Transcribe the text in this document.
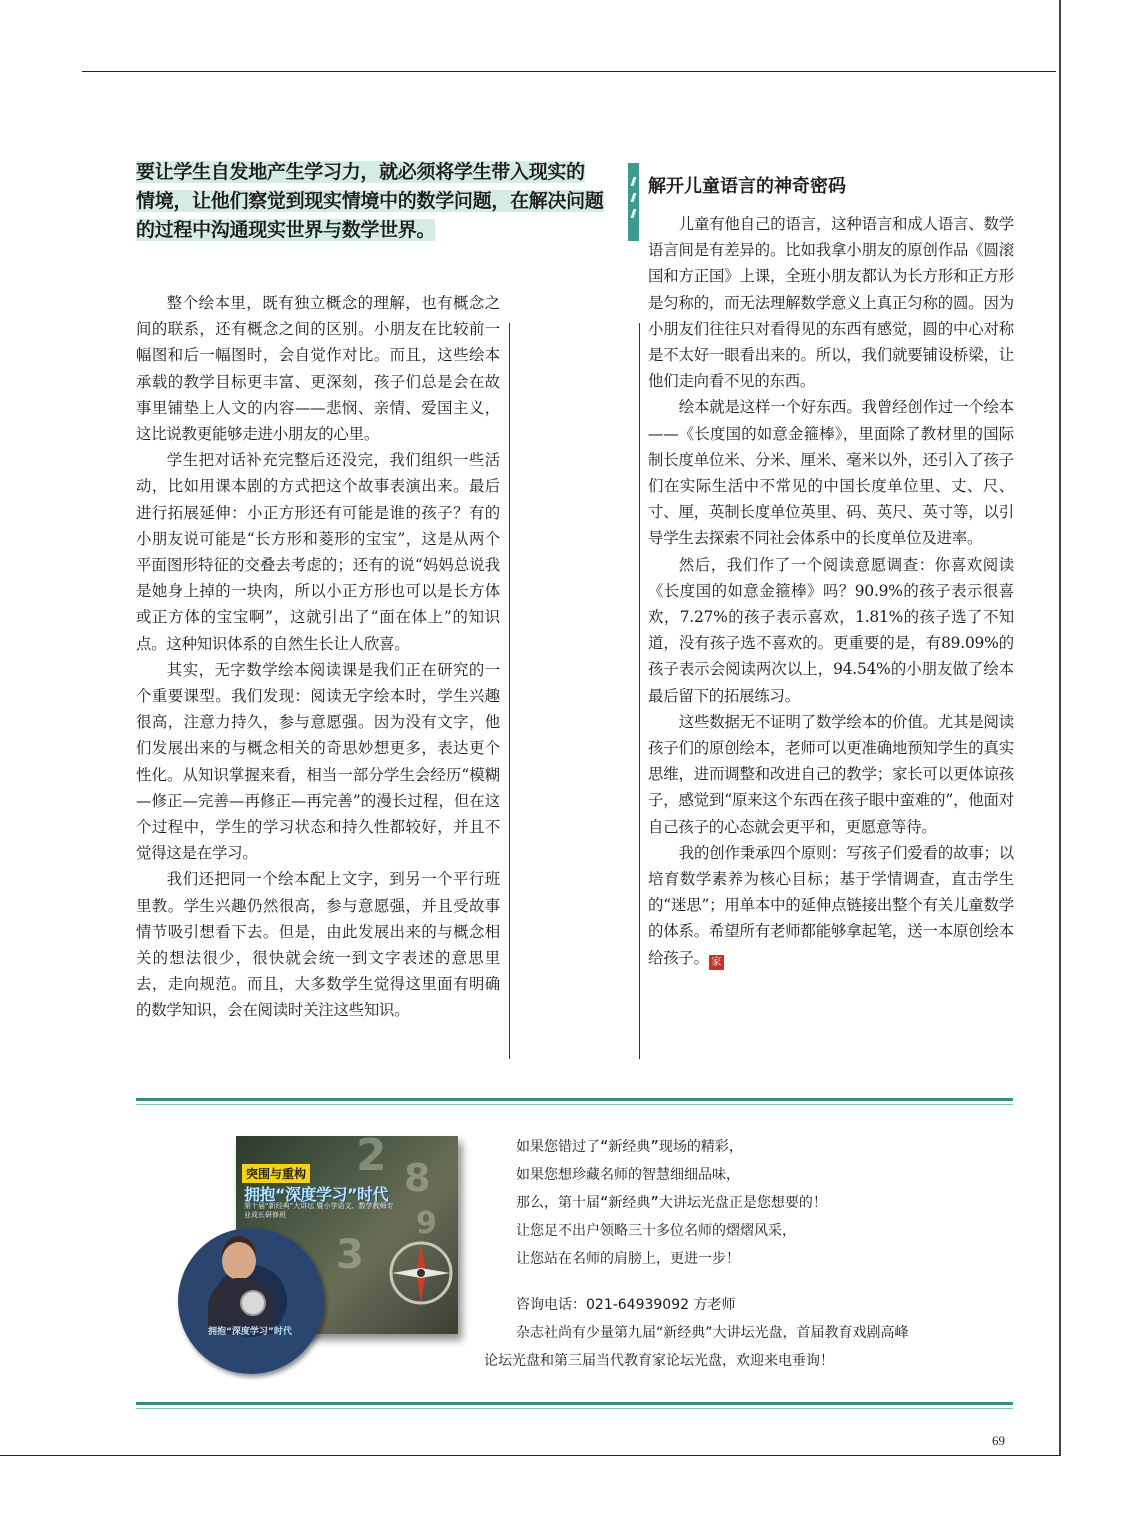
要让学生自发地产生学习力，就必须将学生带入现实的
情境，让他们察觉到现实情境中的数学问题，在解决问题
的过程中沟通现实世界与数学世界。
解开儿童语言的神奇密码

整个绘本里，既有独立概念的理解，也有概念之间的联系，还有概念之间的区别。小朋友在比较前一幅图和后一幅图时，会自觉作对比。而且，这些绘本承载的教学目标更丰富、更深刻，孩子们总是会在故事里铺垫上人文的内容——悲悯、亲情、爱国主义，这比说教更能够走进小朋友的心里。

学生把对话补充完整后还没完，我们组织一些活动，比如用课本剧的方式把这个故事表演出来。最后进行拓展延伸：小正方形还有可能是谁的孩子？有的小朋友说可能是“长方形和菱形的宝宝”，这是从两个平面图形特征的交叠去考虑的；还有的说“妈妈总说我是她身上掉的一块肉，所以小正方形也可以是长方体或正方体的宝宝啊”，这就引出了“面在体上”的知识点。这种知识体系的自然生长让人欣喜。

其实，无字数学绘本阅读课是我们正在研究的一个重要课型。我们发现：阅读无字绘本时，学生兴趣很高，注意力持久，参与意愿强。因为没有文字，他们发展出来的与概念相关的奇思妙想更多，表达更个性化。从知识掌握来看，相当一部分学生会经历“模糊—修正—完善—再修正—再完善”的漫长过程，但在这个过程中，学生的学习状态和持久性都较好，并且不觉得这是在学习。

我们还把同一个绘本配上文字，到另一个平行班里教。学生兴趣仍然很高，参与意愿强，并且受故事情节吸引想看下去。但是，由此发展出来的与概念相关的想法很少，很快就会统一到文字表述的意思里去，走向规范。而且，大多数学生觉得这里面有明确的数学知识，会在阅读时关注这些知识。

儿童有他自己的语言，这种语言和成人语言、数学语言间是有差异的。比如我拿小朋友的原创作品《圆滚国和方正国》上课，全班小朋友都认为长方形和正方形是匀称的，而无法理解数学意义上真正匀称的圆。因为小朋友们往往只对看得见的东西有感觉，圆的中心对称是不太好一眼看出来的。所以，我们就要铺设桥梁，让他们走向看不见的东西。

绘本就是这样一个好东西。我曾经创作过一个绘本——《长度国的如意金箍棒》，里面除了教材里的国际制长度单位米、分米、厘米、毫米以外，还引入了孩子们在实际生活中不常见的中国长度单位里、丈、尺、寸、厘，英制长度单位英里、码、英尺、英寸等，以引导学生去探索不同社会体系中的长度单位及进率。

然后，我们作了一个阅读意愿调查：你喜欢阅读《长度国的如意金箍棒》吗？90.9%的孩子表示很喜欢，7.27%的孩子表示喜欢，1.81%的孩子选了不知道，没有孩子选不喜欢的。更重要的是，有89.09%的孩子表示会阅读两次以上，94.54%的小朋友做了绘本最后留下的拓展练习。

这些数据无不证明了数学绘本的价值。尤其是阅读孩子们的原创绘本，老师可以更准确地预知学生的真实思维，进而调整和改进自己的教学；家长可以更体谅孩子，感觉到“原来这个东西在孩子眼中蛮难的”，他面对自己孩子的心态就会更平和，更愿意等待。

我的创作秉承四个原则：写孩子们爱看的故事；以培育数学素养为核心目标；基于学情调查，直击学生的“迷思”；用单本中的延伸点链接出整个有关儿童数学的体系。希望所有老师都能够拿起笔，送一本原创绘本给孩子。 家

2 8
3
9
突围与重构
拥抱“深度学习”时代
第十届“新经典”大讲坛 暨小学语文、数学教师专业成长研修班
拥抱“深度学习”时代
如果您错过了“新经典”现场的精彩，
如果您想珍藏名师的智慧细细品味，
那么，第十届“新经典”大讲坛光盘正是您想要的！
让您足不出户领略三十多位名师的熠熠风采，
让您站在名师的肩膀上，更进一步！
咨询电话：021-64939092 方老师
杂志社尚有少量第九届“新经典”大讲坛光盘，首届教育戏剧高峰
论坛光盘和第三届当代教育家论坛光盘，欢迎来电垂询！
69
